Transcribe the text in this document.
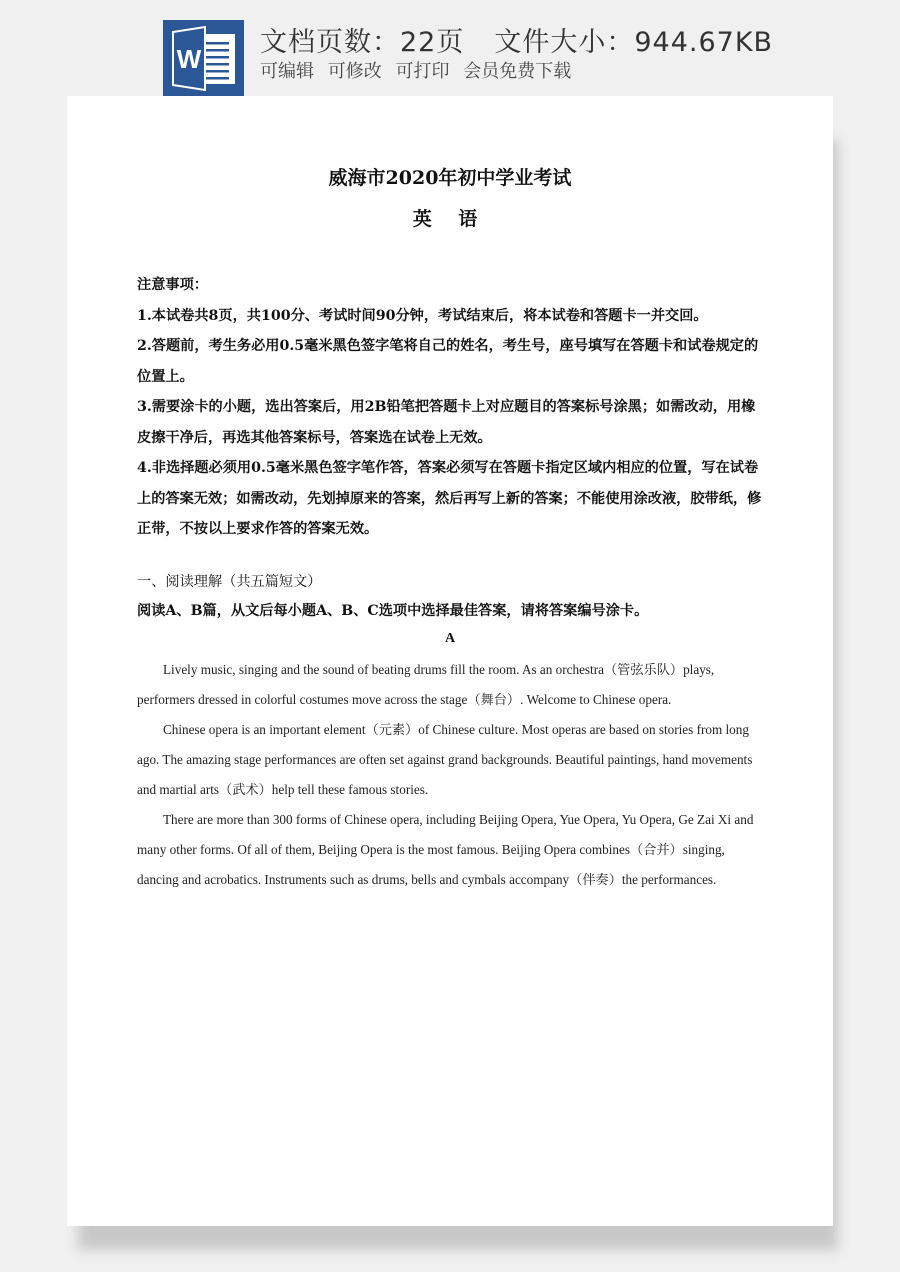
W
文档页数：22页 文件大小：944.67KB
可编辑 可修改 可打印 会员免费下载
威海市2020年初中学业考试
英 语

注意事项：

1.本试卷共8页，共100分、考试时间90分钟，考试结束后，将本试卷和答题卡一并交回。

2.答题前，考生务必用0.5毫米黑色签字笔将自己的姓名，考生号，座号填写在答题卡和试卷规定的位置上。

3.需要涂卡的小题，选出答案后，用2B铅笔把答题卡上对应题目的答案标号涂黑；如需改动，用橡皮擦干净后，再选其他答案标号，答案选在试卷上无效。

4.非选择题必须用0.5毫米黑色签字笔作答，答案必须写在答题卡指定区域内相应的位置，写在试卷上的答案无效；如需改动，先划掉原来的答案，然后再写上新的答案；不能使用涂改液，胶带纸，修正带，不按以上要求作答的答案无效。

一、阅读理解（共五篇短文）

阅读A、B篇，从文后每小题A、B、C选项中选择最佳答案，请将答案编号涂卡。

A

Lively music, singing and the sound of beating drums fill the room. As an orchestra（管弦乐队）plays, performers dressed in colorful costumes move across the stage（舞台）. Welcome to Chinese opera.

Chinese opera is an important element（元素）of Chinese culture. Most operas are based on stories from long ago. The amazing stage performances are often set against grand backgrounds. Beautiful paintings, hand movements and martial arts（武术）help tell these famous stories.

There are more than 300 forms of Chinese opera, including Beijing Opera, Yue Opera, Yu Opera, Ge Zai Xi and many other forms. Of all of them, Beijing Opera is the most famous. Beijing Opera combines（合并）singing, dancing and acrobatics. Instruments such as drums, bells and cymbals accompany（伴奏）the performances.
